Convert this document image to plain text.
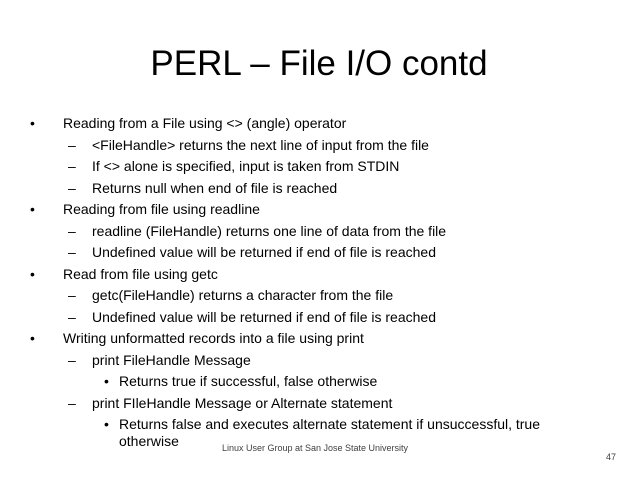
PERL – File I/O contd
• Reading from a File using <> (angle) operator
– <FileHandle> returns the next line of input from the file
– If <> alone is specified, input is taken from STDIN
– Returns null when end of file is reached
• Reading from file using readline
– readline (FileHandle) returns one line of data from the file
– Undefined value will be returned if end of file is reached
• Read from file using getc
– getc(FileHandle) returns a character from the file
– Undefined value will be returned if end of file is reached
• Writing unformatted records into a file using print
– print FileHandle Message
• Returns true if successful, false otherwise
– print FIleHandle Message or Alternate statement
• Returns false and executes alternate statement if unsuccessful, true otherwise	Linux User Group at San Jose State University
47
